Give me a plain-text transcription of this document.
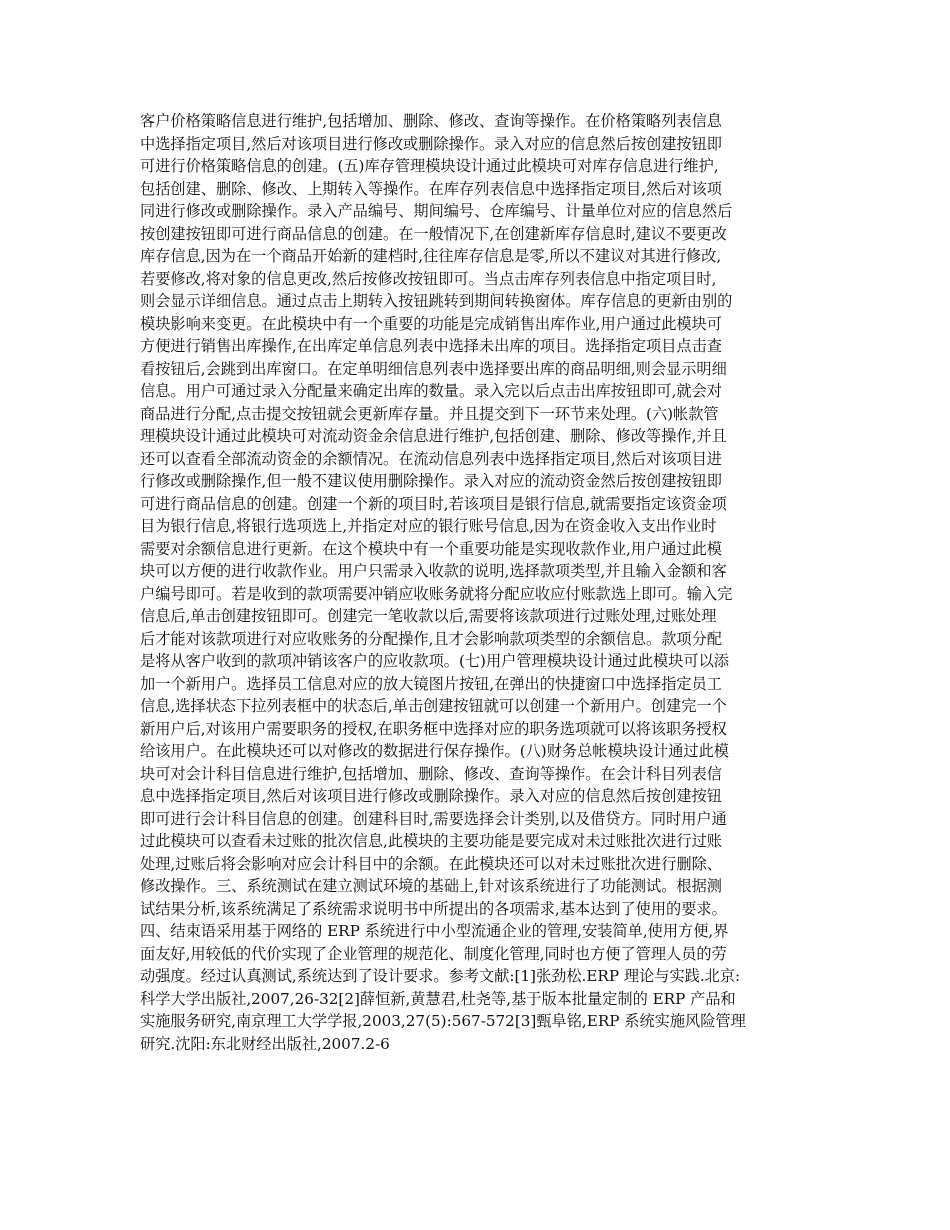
客户价格策略信息进行维护,包括增加、删除、修改、查询等操作。在价格策略列表信息
中选择指定项目,然后对该项目进行修改或删除操作。录入对应的信息然后按创建按钮即
可进行价格策略信息的创建。(五)库存管理模块设计通过此模块可对库存信息进行维护,
包括创建、删除、修改、上期转入等操作。在库存列表信息中选择指定项目,然后对该项
同进行修改或删除操作。录入产品编号、期间编号、仓库编号、计量单位对应的信息然后
按创建按钮即可进行商品信息的创建。在一般情况下,在创建新库存信息时,建议不要更改
库存信息,因为在一个商品开始新的建档时,往往库存信息是零,所以不建议对其进行修改,
若要修改,将对象的信息更改,然后按修改按钮即可。当点击库存列表信息中指定项目时,
则会显示详细信息。通过点击上期转入按钮跳转到期间转换窗体。库存信息的更新由别的
模块影响来变更。在此模块中有一个重要的功能是完成销售出库作业,用户通过此模块可
方便进行销售出库操作,在出库定单信息列表中选择未出库的项目。选择指定项目点击查
看按钮后,会跳到出库窗口。在定单明细信息列表中选择要出库的商品明细,则会显示明细
信息。用户可通过录入分配量来确定出库的数量。录入完以后点击出库按钮即可,就会对
商品进行分配,点击提交按钮就会更新库存量。并且提交到下一环节来处理。(六)帐款管
理模块设计通过此模块可对流动资金余信息进行维护,包括创建、删除、修改等操作,并且
还可以查看全部流动资金的余额情况。在流动信息列表中选择指定项目,然后对该项目进
行修改或删除操作,但一般不建议使用删除操作。录入对应的流动资金然后按创建按钮即
可进行商品信息的创建。创建一个新的项目时,若该项目是银行信息,就需要指定该资金项
目为银行信息,将银行选项选上,并指定对应的银行账号信息,因为在资金收入支出作业时
需要对余额信息进行更新。在这个模块中有一个重要功能是实现收款作业,用户通过此模
块可以方便的进行收款作业。用户只需录入收款的说明,选择款项类型,并且输入金额和客
户编号即可。若是收到的款项需要冲销应收账务就将分配应收应付账款选上即可。输入完
信息后,单击创建按钮即可。创建完一笔收款以后,需要将该款项进行过账处理,过账处理
后才能对该款项进行对应收账务的分配操作,且才会影响款项类型的余额信息。款项分配
是将从客户收到的款项冲销该客户的应收款项。(七)用户管理模块设计通过此模块可以添
加一个新用户。选择员工信息对应的放大镜图片按钮,在弹出的快捷窗口中选择指定员工
信息,选择状态下拉列表框中的状态后,单击创建按钮就可以创建一个新用户。创建完一个
新用户后,对该用户需要职务的授权,在职务框中选择对应的职务选项就可以将该职务授权
给该用户。在此模块还可以对修改的数据进行保存操作。(八)财务总帐模块设计通过此模
块可对会计科目信息进行维护,包括增加、删除、修改、查询等操作。在会计科目列表信
息中选择指定项目,然后对该项目进行修改或删除操作。录入对应的信息然后按创建按钮
即可进行会计科目信息的创建。创建科目时,需要选择会计类别,以及借贷方。同时用户通
过此模块可以查看未过账的批次信息,此模块的主要功能是要完成对未过账批次进行过账
处理,过账后将会影响对应会计科目中的余额。在此模块还可以对未过账批次进行删除、
修改操作。三、系统测试在建立测试环境的基础上,针对该系统进行了功能测试。根据测
试结果分析,该系统满足了系统需求说明书中所提出的各项需求,基本达到了使用的要求。
四、结束语采用基于网络的 ERP 系统进行中小型流通企业的管理,安装简单,使用方便,界
面友好,用较低的代价实现了企业管理的规范化、制度化管理,同时也方便了管理人员的劳
动强度。经过认真测试,系统达到了设计要求。参考文献:[1]张劲松.ERP 理论与实践.北京:
科学大学出版社,2007,26-32[2]薛恒新,黄慧君,杜尧等,基于版本批量定制的 ERP 产品和
实施服务研究,南京理工大学学报,2003,27(5):567-572[3]甄阜铭,ERP 系统实施风险管理
研究.沈阳:东北财经出版社,2007.2-6
